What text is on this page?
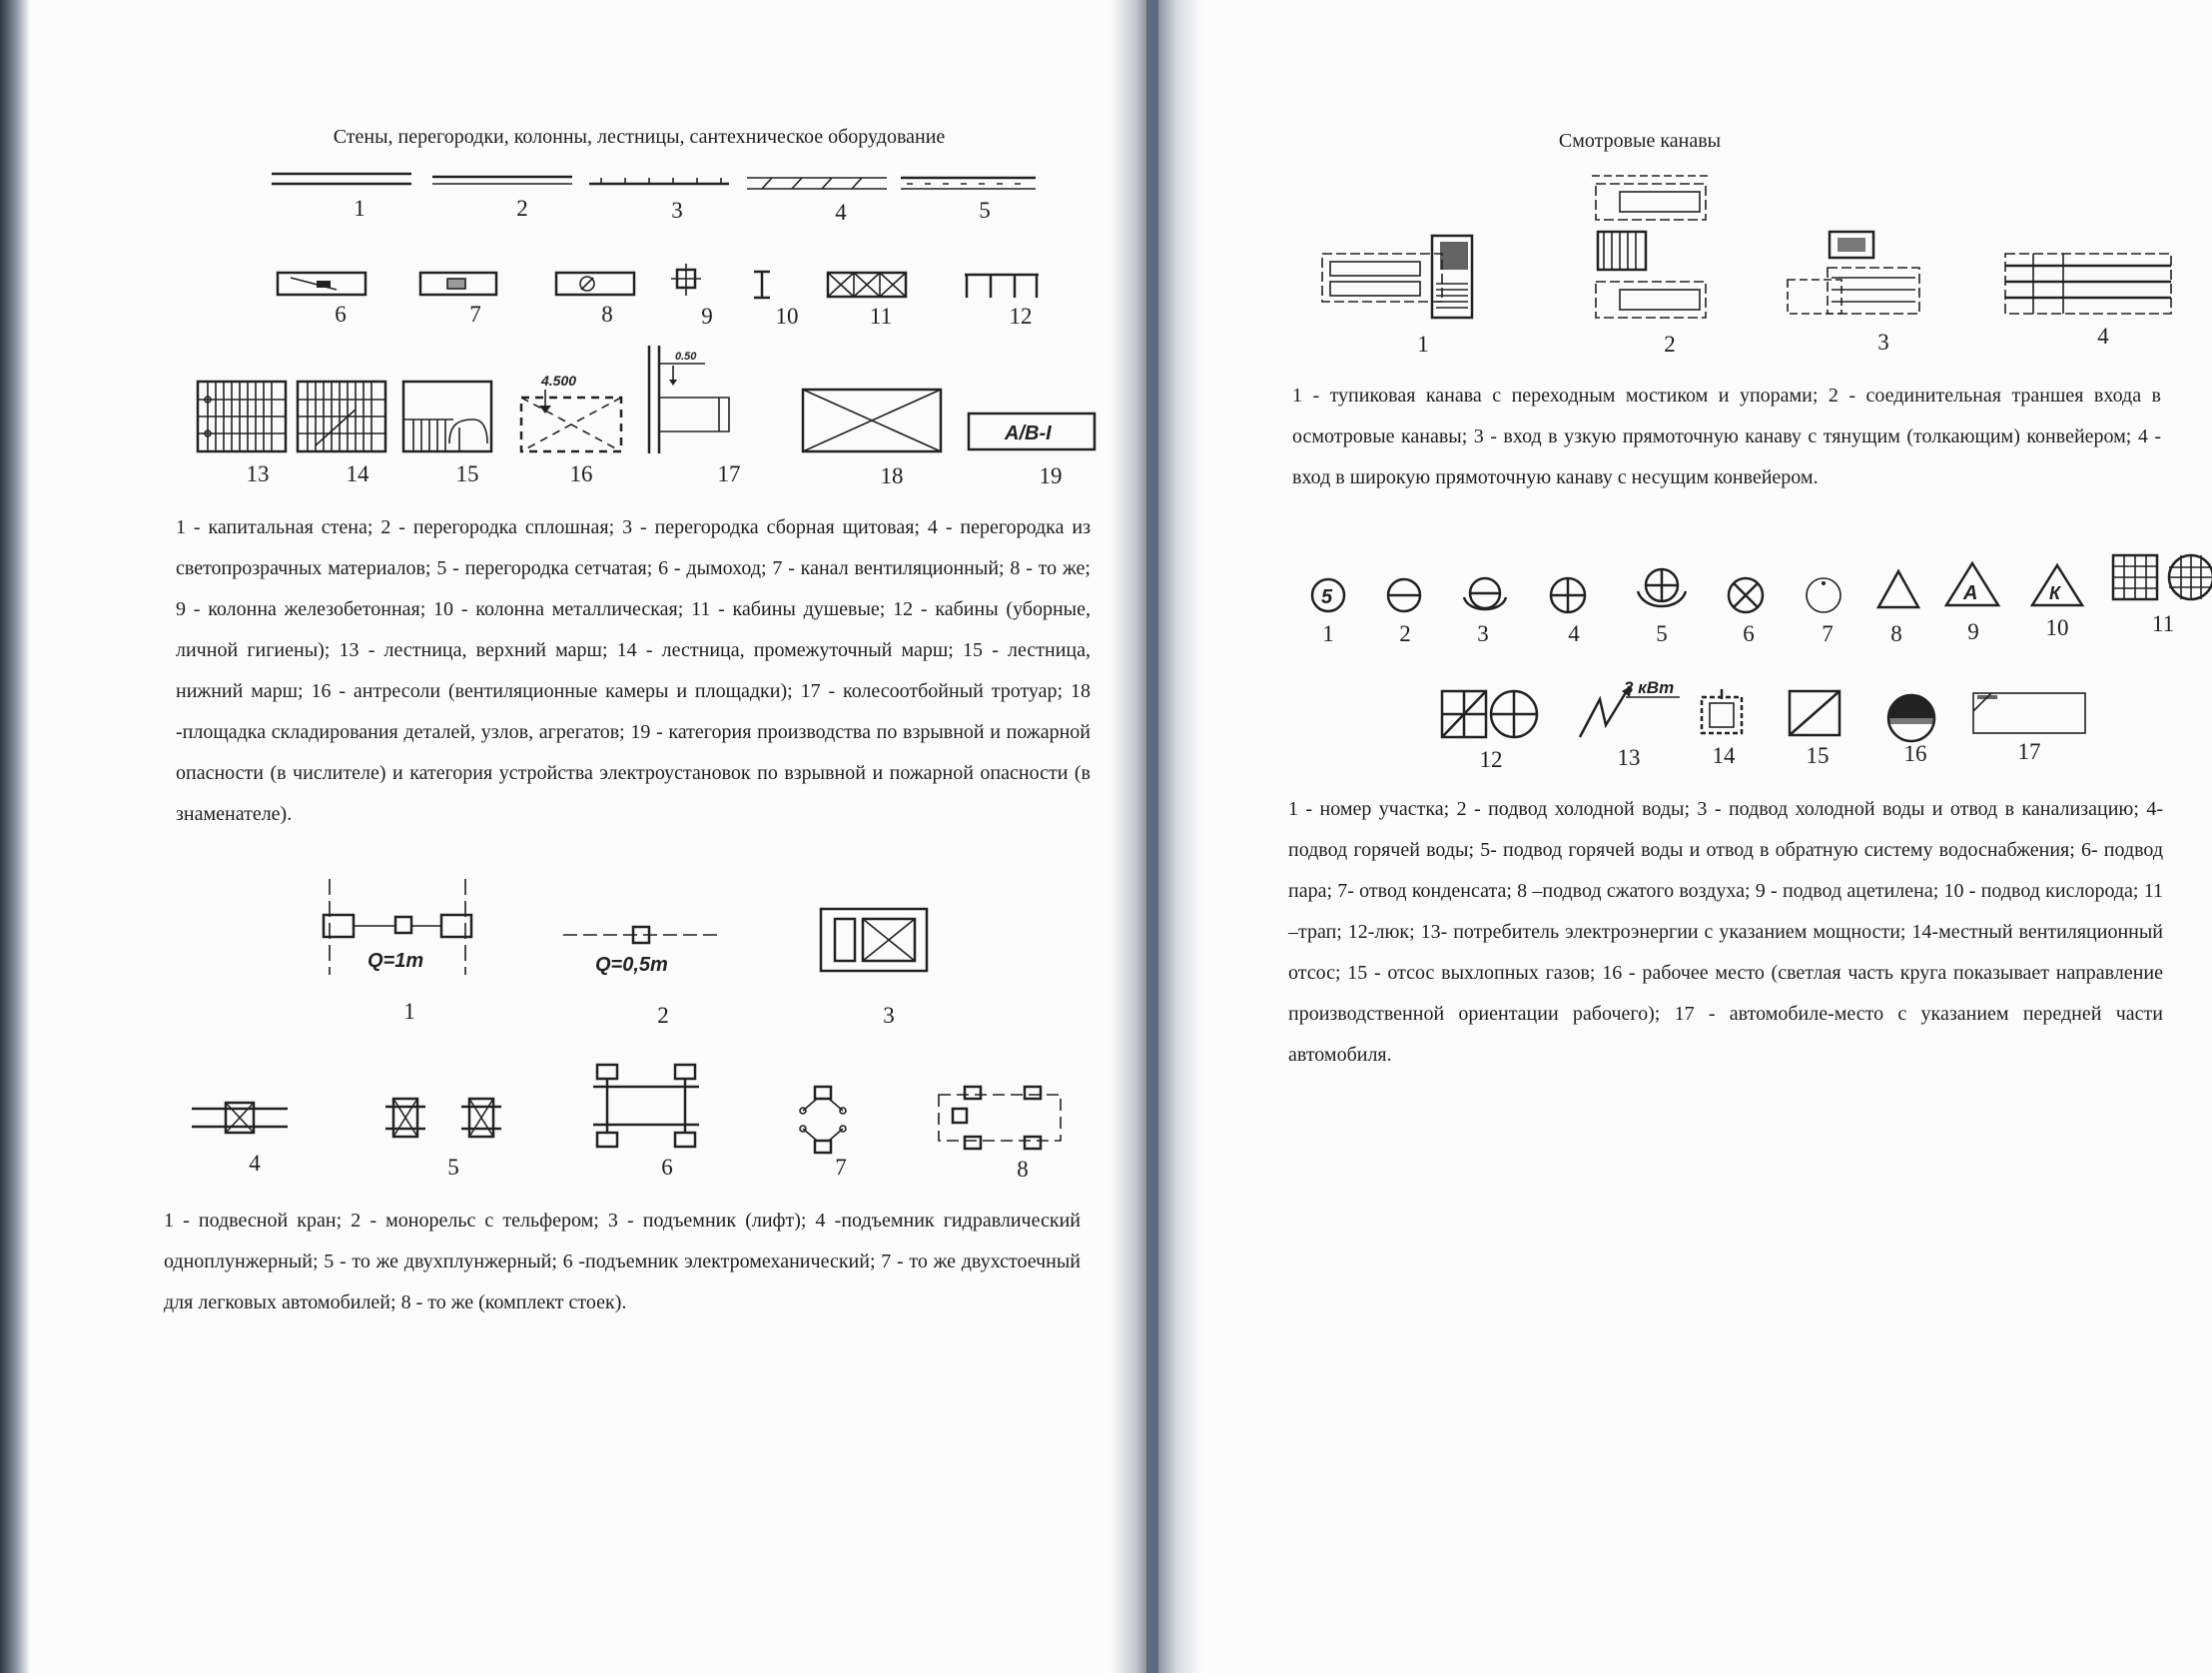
Стены, перегородки, колонны, лестницы, сантехническое оборудование
1	2	3	4	5
6	7	8	9	10	11	12
4.500
0.50
А/В-I
13	14	15	16	17	18	19
1 - капитальная стена; 2 - перегородка сплошная; 3 - перегородка сборная щитовая; 4 - перегородка из светопрозрачных материалов; 5 - перегородка сетчатая; 6 - дымоход; 7 - канал вентиляционный; 8 - то же; 9 - колонна железобетонная; 10 - колонна металлическая; 11 - кабины душевые; 12 - кабины (уборные, личной гигиены); 13 - лестница, верхний марш; 14 - лестница, промежуточный марш; 15 - лестница, нижний марш; 16 - антресоли (вентиляционные камеры и площадки); 17 - колесоотбойный тротуар; 18 -площадка складирования деталей, узлов, агрегатов; 19 - категория производства по взрывной и пожарной опасности (в числителе) и категория устройства электроустановок по взрывной и пожарной опасности (в знаменателе).
Q=1т	Q=0,5т
1	2	3
4	5	6	7	8
1 - подвесной кран; 2 - монорельс с тельфером; 3 - подъемник (лифт); 4 -подъемник гидравлический одноплунжерный; 5 - то же двухплунжерный; 6 -подъемник электромеханический; 7 - то же двухстоечный для легковых автомобилей; 8 - то же (комплект стоек).
Смотровые канавы
1	2	3	4
1 - тупиковая канава с переходным мостиком и упорами; 2 - соединительная траншея входа в осмотровые канавы; 3 - вход в узкую прямоточную канаву с тянущим (толкающим) конвейером; 4 - вход в широкую прямоточную канаву с несущим конвейером.
5	А	К
1	2	3	4	5	6	7	8	9	10	11
3 кВт
12	13	14	15	16	17
1 - номер участка; 2 - подвод холодной воды; 3 - подвод холодной воды и отвод в канализацию; 4- подвод горячей воды; 5- подвод горячей воды и отвод в обратную систему водоснабжения; 6- подвод пара; 7- отвод конденсата; 8 –подвод сжатого воздуха; 9 - подвод ацетилена; 10 - подвод кислорода; 11 –трап; 12-люк; 13- потребитель электроэнергии с указанием мощности; 14-местный вентиляционный отсос; 15 - отсос выхлопных газов; 16 - рабочее место (светлая часть круга показывает направление производственной ориентации рабочего); 17 - автомобиле-место с указанием передней части автомобиля.
